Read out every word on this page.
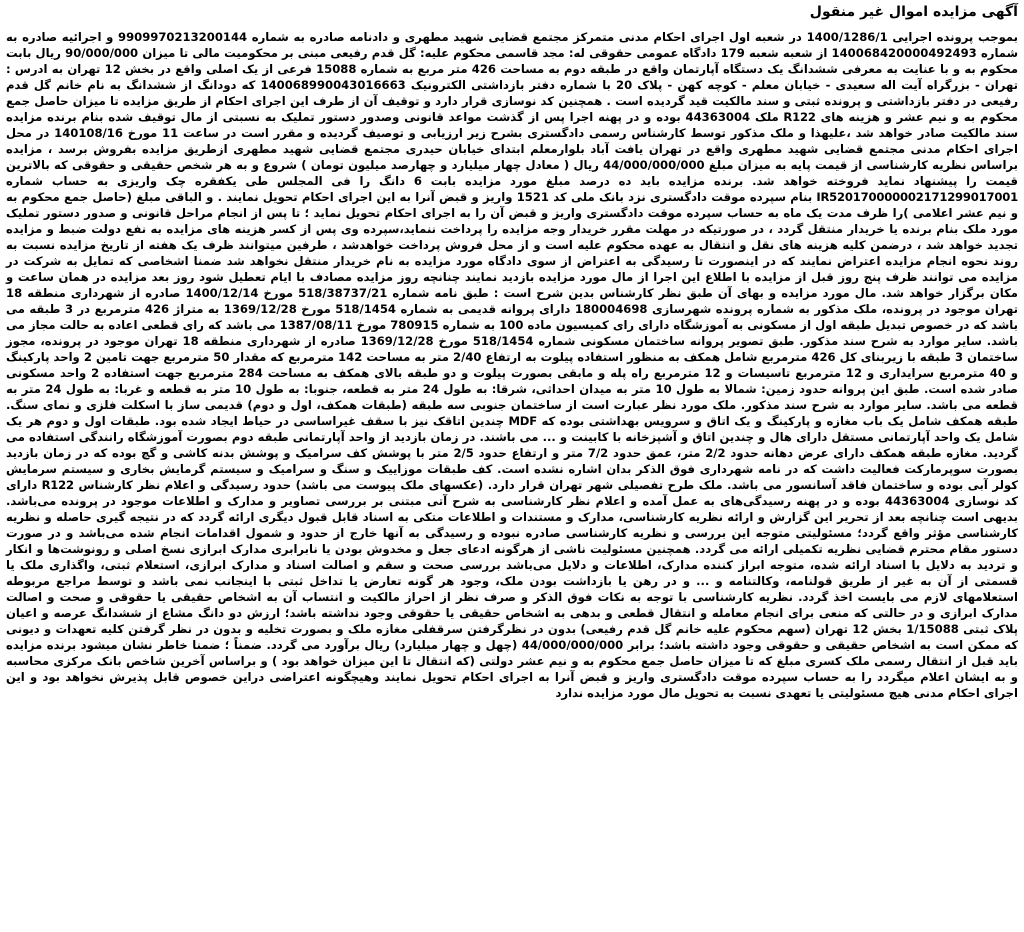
آگهی مزایده اموال غیر منقول

بموجب پرونده اجرایی 1400/1286/1 در شعبه اول اجرای احکام مدنی متمرکز مجتمع قضایی شهید مطهری و دادنامه صادره به شماره 9909970213200144 و اجرائیه صادره به شماره 140068420000492493 از شعبه شعبه 179 دادگاه عمومی حقوقی له: مجد قاسمی محکوم علیه: گل قدم رفیعی مبنی بر محکومیت مالی تا میزان 90/000/000 ریال بابت محکوم به و با عنایت به معرفی ششدانگ یک دستگاه آپارتمان واقع در طبقه دوم به مساحت 426 متر مربع به شماره 15088 فرعی از یک اصلی واقع در بخش 12 تهران به ادرس : تهران - بزرگراه آیت اله سعیدی - خیابان معلم - کوچه کهن - پلاک 20 با شماره دفتر بازداشتی الکترونیک 140068990043016663 که دودانگ از ششدانگ به نام خانم گل قدم رفیعی در دفتر بازداشتی و پرونده ثبتی و سند مالکیت قید گردیده است . همچنین کد نوسازی قرار دارد و توقیف آن از طرف این اجرای احکام از طریق مزایده تا میزان حاصل جمع محکوم به و نیم عشر و هزینه های R122 ملک 44363004 بوده و در پهنه اجرا پس از گذشت مواعد قانونی وصدور دستور تملیک به نسبتی از مال توقیف شده بنام برنده مزایده سند مالکیت صادر خواهد شد ،علیهذا و ملک مذکور توسط کارشناس رسمی دادگستری بشرح زیر ارزیابی و توصیف گردیده و مقرر است در ساعت 11 مورخ 140108/16 در محل اجرای احکام مدنی مجتمع قضایی شهید مطهری واقع در تهران یافت آباد بلوارمعلم ابتدای خیابان حیدری مجتمع قضایی شهید مطهری ازطریق مزایده بفروش برسد ، مزایده براساس نظریه کارشناسی از قیمت پایه به میزان مبلغ 44/000/000/000 ریال ( معادل چهار میلیارد و چهارصد میلیون تومان ) شروع و به هر شخص حقیقی و حقوقی که بالاترین قیمت را پیشنهاد نماید فروخته خواهد شد. برنده مزایده باید ده درصد مبلغ مورد مزایده بابت 6 دانگ را فی المجلس طی یکفقره چک واریزی به حساب شماره IR520170000002171299017001 بنام سپرده موقت دادگستری نزد بانک ملی کد 1521 واریز و قبض آنرا به این اجرای احکام تحویل نمایند . و الباقی مبلغ (حاصل جمع محکوم به و نیم عشر اعلامی )را ظرف مدت یک ماه به حساب سپرده موقت دادگستری واریز و قبض آن را به اجرای احکام تحویل نماید ؛ تا پس از انجام مراحل قانونی و صدور دستور تملیک مورد ملک بنام برنده یا خریدار منتقل گردد ، در صورتیکه در مهلت مقرر خریدار وجه مزایده را پرداخت ننماید،سپرده وی پس از کسر هزینه های مزایده به نفع دولت ضبط و مزایده تجدید خواهد شد ، درضمن کلیه هزینه های نقل و انتقال به عهده محکوم علیه است و از محل فروش پرداخت خواهدشد ، طرفین میتوانند ظرف یک هفته از تاریخ مزایده نسبت به روند نحوه انجام مزایده اعتراض نمایند که در اینصورت تا رسیدگی به اعتراض از سوی دادگاه مورد مزایده به نام خریدار منتقل نخواهد شد ضمنا اشخاصی که تمایل به شرکت در مزایده می توانند ظرف پنج روز قبل از مزایده با اطلاع این اجرا از مال مورد مزایده بازدید نمایند چنانچه روز مزایده مصادف با ایام تعطیل شود روز بعد مزایده در همان ساعت و مکان برگزار خواهد شد. مال مورد مزایده و بهای آن طبق نظر کارشناس بدین شرح است : طبق نامه شماره 518/38737/21 مورخ 1400/12/14 صادره از شهرداری منطقه 18 تهران موجود در پرونده، ملک مذکور به شماره پرونده شهرسازی 180004698 دارای پروانه قدیمی به شماره 518/1454 مورخ 1369/12/28 به متراژ 426 مترمربع در 3 طبقه می باشد که در خصوص تبدیل طبقه اول از مسکونی به آموزشگاه دارای رای کمیسیون ماده 100 به شماره 780915 مورخ 1387/08/11 می باشد که رای قطعی اعاده به حالت مجاز می باشد. سایر موارد به شرح سند مذکور. طبق تصویر پروانه ساختمان مسکونی شماره 518/1454 مورخ 1369/12/28 صادره از شهرداری منطقه 18 تهران موجود در پرونده، مجوز ساختمان 3 طبقه با زیربنای کل 426 مترمربع شامل همکف به منظور استفاده پیلوت به ارتفاع 2/40 متر به مساحت 142 مترمربع که مقدار 50 مترمربع جهت تامین 2 واحد پارکینگ و 40 مترمربع سرایداری و 12 مترمربع تاسیسات و 12 مترمربع راه پله و مابقی بصورت پیلوت و دو طبقه بالای همکف به مساحت 284 مترمربع جهت استفاده 2 واحد مسکونی صادر شده است. طبق این پروانه حدود زمین: شمالا به طول 10 متر به میدان احداثی، شرقا: به طول 24 متر به قطعه، جنوبا: به طول 10 متر به قطعه و غربا: به طول 24 متر به قطعه می باشد. سایر موارد به شرح سند مذکور. ملک مورد نظر عبارت است از ساختمان جنوبی سه طبقه (طبقات همکف، اول و دوم) قدیمی ساز با اسکلت فلزی و نمای سنگ. طبقه همکف شامل یک باب مغازه و پارکینگ و یک اتاق و سرویس بهداشتی بوده که MDF چندین اتاقک نیز با سقف غیراساسی در حیاط ایجاد شده بود. طبقات اول و دوم هر یک شامل یک واحد آپارتمانی مستقل دارای هال و چندین اتاق و آشپزخانه با کابینت و ... می باشند. در زمان بازدید از واحد آپارتمانی طبقه دوم بصورت آموزشگاه رانندگی استفاده می گردید. مغازه طبقه همکف دارای عرض دهانه حدود 2/2 متر، عمق حدود 7/2 متر و ارتفاع حدود 2/5 متر با پوشش کف سرامیک و پوشش بدنه کاشی و گچ بوده که در زمان بازدید بصورت سوپرمارکت فعالیت داشت که در نامه شهرداری فوق الذکر بدان اشاره نشده است. کف طبقات موزاییک و سنگ و سرامیک و سیستم گرمایش بخاری و سیستم سرمایش کولر آبی بوده و ساختمان فاقد آسانسور می باشد. ملک طرح تفصیلی شهر تهران قرار دارد. (عکسهای ملک پیوست می باشد) حدود رسیدگی و اعلام نظر کارشناس R122 دارای کد نوسازی 44363004 بوده و در پهنه رسیدگی‌های به عمل آمده و اعلام نظر کارشناسی به شرح آتی مبتنی بر بررسی تصاویر و مدارک و اطلاعات موجود در پرونده می‌باشد. بدیهی است چنانچه بعد از تحریر این گزارش و ارائه نظریه کارشناسی، مدارک و مستندات و اطلاعات متکی به اسناد قابل قبول دیگری ارائه گردد که در نتیجه گیری حاصله و نظریه کارشناسی مؤثر واقع گردد؛ مسئولیتی متوجه این بررسی و نظریه کارشناسی صادره نبوده و رسیدگی به آنها خارج از حدود و شمول اقدامات انجام شده می‌باشد و در صورت دستور مقام محترم قضایی نظریه تکمیلی ارائه می گردد. همچنین مسئولیت ناشی از هرگونه ادعای جعل و مخدوش بودن یا نابرابری مدارک ابرازی نسخ اصلی و رونوشت‌ها و انکار و تردید به دلایل با اسناد ارائه شده، متوجه ابراز کننده مدارک، اطلاعات و دلایل می‌باشد بررسی صحت و سقم و اصالت اسناد و مدارک ابرازی، استعلام ثبتی، واگذاری ملک یا قسمتی از آن به غیر از طریق قولنامه، وکالتنامه و ... و در رهن یا بازداشت بودن ملک، وجود هر گونه تعارض یا تداخل ثبتی با اینجانب نمی باشد و توسط مراجع مربوطه استعلامهای لازم می بایست اخذ گردد. نظریه کارشناسی با توجه به نکات فوق الذکر و صرف نظر از احراز مالکیت و انتساب آن به اشخاص حقیقی یا حقوقی و صحت و اصالت مدارک ابرازی و در حالتی که منعی برای انجام معامله و انتقال قطعی و بدهی به اشخاص حقیقی یا حقوقی وجود نداشته باشد؛ ارزش دو دانگ مشاع از ششدانگ عرصه و اعیان پلاک ثبتی 1/15088 بخش 12 تهران (سهم محکوم علیه خانم گل قدم رفیعی) بدون در نظرگرفتن سرقفلی مغازه ملک و بصورت تخلیه و بدون در نظر گرفتن کلیه تعهدات و دیونی که ممکن است به اشخاص حقیقی و حقوقی وجود داشته باشد؛ برابر 44/000/000/000 (چهل و چهار میلیارد) ریال برآورد می گردد. ضمناً ؛ ضمنا خاطر نشان میشود برنده مزایده باید قبل از انتقال رسمی ملک کسری مبلغ که تا میزان حاصل جمع محکوم به و نیم عشر دولتی (که انتقال تا این میزان خواهد بود ) و براساس آخرین شاخص بانک مرکزی محاسبه و به ایشان اعلام میگردد را به حساب سپرده موقت دادگستری واریز و قبض آنرا به اجرای احکام تحویل نمایند وهیچگونه اعتراضی دراین خصوص قابل پذیرش نخواهد بود و این اجرای احکام مدنی هیچ مسئولیتی یا تعهدی نسبت به تحویل مال مورد مزایده ندارد
